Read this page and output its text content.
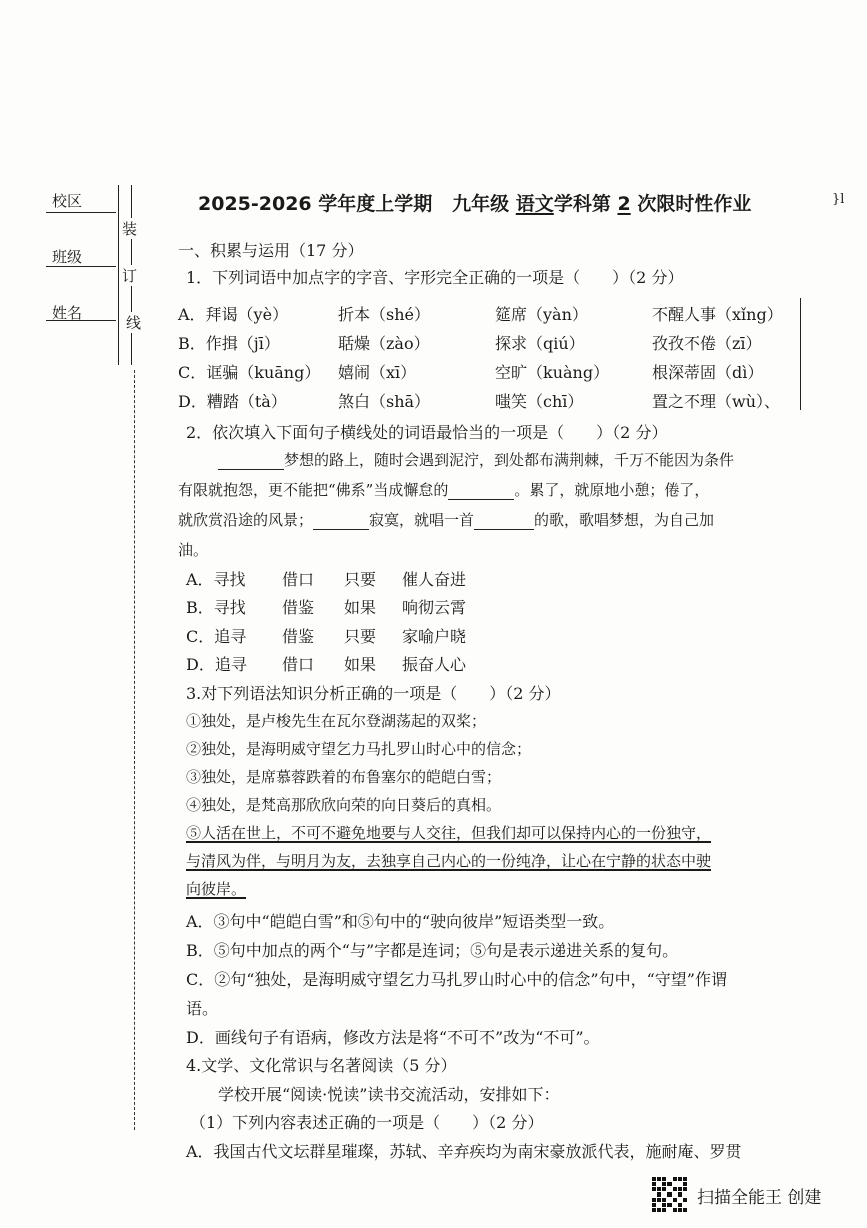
校区
班级
姓名
装
订
线
2025-2026 学年度上学期 九年级 语文学科第 2 次限时性作业	}l
一、积累与运用（17 分）
1．下列词语中加点字的字音、字形完全正确的一项是（　　）（2 分）
A．拜谒（yè）	折本（shé）	筵席（yàn）	不醒人事（xǐng）
B．作揖（jī）	聒燥（zào）	探求（qiú）	孜孜不倦（zī）
C．诓骗（kuāng） 嬉闹（xī）	空旷（kuàng）	根深蒂固（dì）
D．糟踏（tà）	煞白（shā）	嗤笑（chī）	置之不理（wù）、
2．依次填入下面句子横线处的词语最恰当的一项是（　　）（2 分）
梦想的路上，随时会遇到泥泞，到处都布满荆棘，千万不能因为条件
有限就抱怨，更不能把“佛系”当成懈怠的	。累了，就原地小憩；倦了，
就欣赏沿途的风景；	寂寞，就唱一首	的歌，歌唱梦想，为自己加
油。
A．寻找 借口 只要 催人奋进
B．寻找 借鉴 如果 响彻云霄
C．追寻 借鉴 只要 家喻户晓
D．追寻 借口 如果 振奋人心
3.对下列语法知识分析正确的一项是（　　）（2 分）
①独处，是卢梭先生在瓦尔登湖荡起的双桨；
②独处，是海明威守望乞力马扎罗山时心中的信念；
③独处，是席慕蓉跌着的布鲁塞尔的皑皑白雪；
④独处，是梵高那欣欣向荣的向日葵后的真相。
⑤人活在世上，不可不避免地要与人交往，但我们却可以保持内心的一份独守，
与清风为伴，与明月为友，去独享自己内心的一份纯净，让心在宁静的状态中驶
向彼岸。
A．③句中“皑皑白雪”和⑤句中的“驶向彼岸”短语类型一致。
B．⑤句中加点的两个“与”字都是连词；⑤句是表示递进关系的复句。
C．②句“独处，是海明威守望乞力马扎罗山时心中的信念”句中，“守望”作谓
语。
D．画线句子有语病，修改方法是将“不可不”改为“不可”。
4.文学、文化常识与名著阅读（5 分）
学校开展“阅读·悦读”读书交流活动，安排如下：
（1）下列内容表述正确的一项是（　　）（2 分）
A．我国古代文坛群星璀璨，苏轼、辛弃疾均为南宋豪放派代表，施耐庵、罗贯
扫描全能王 创建
